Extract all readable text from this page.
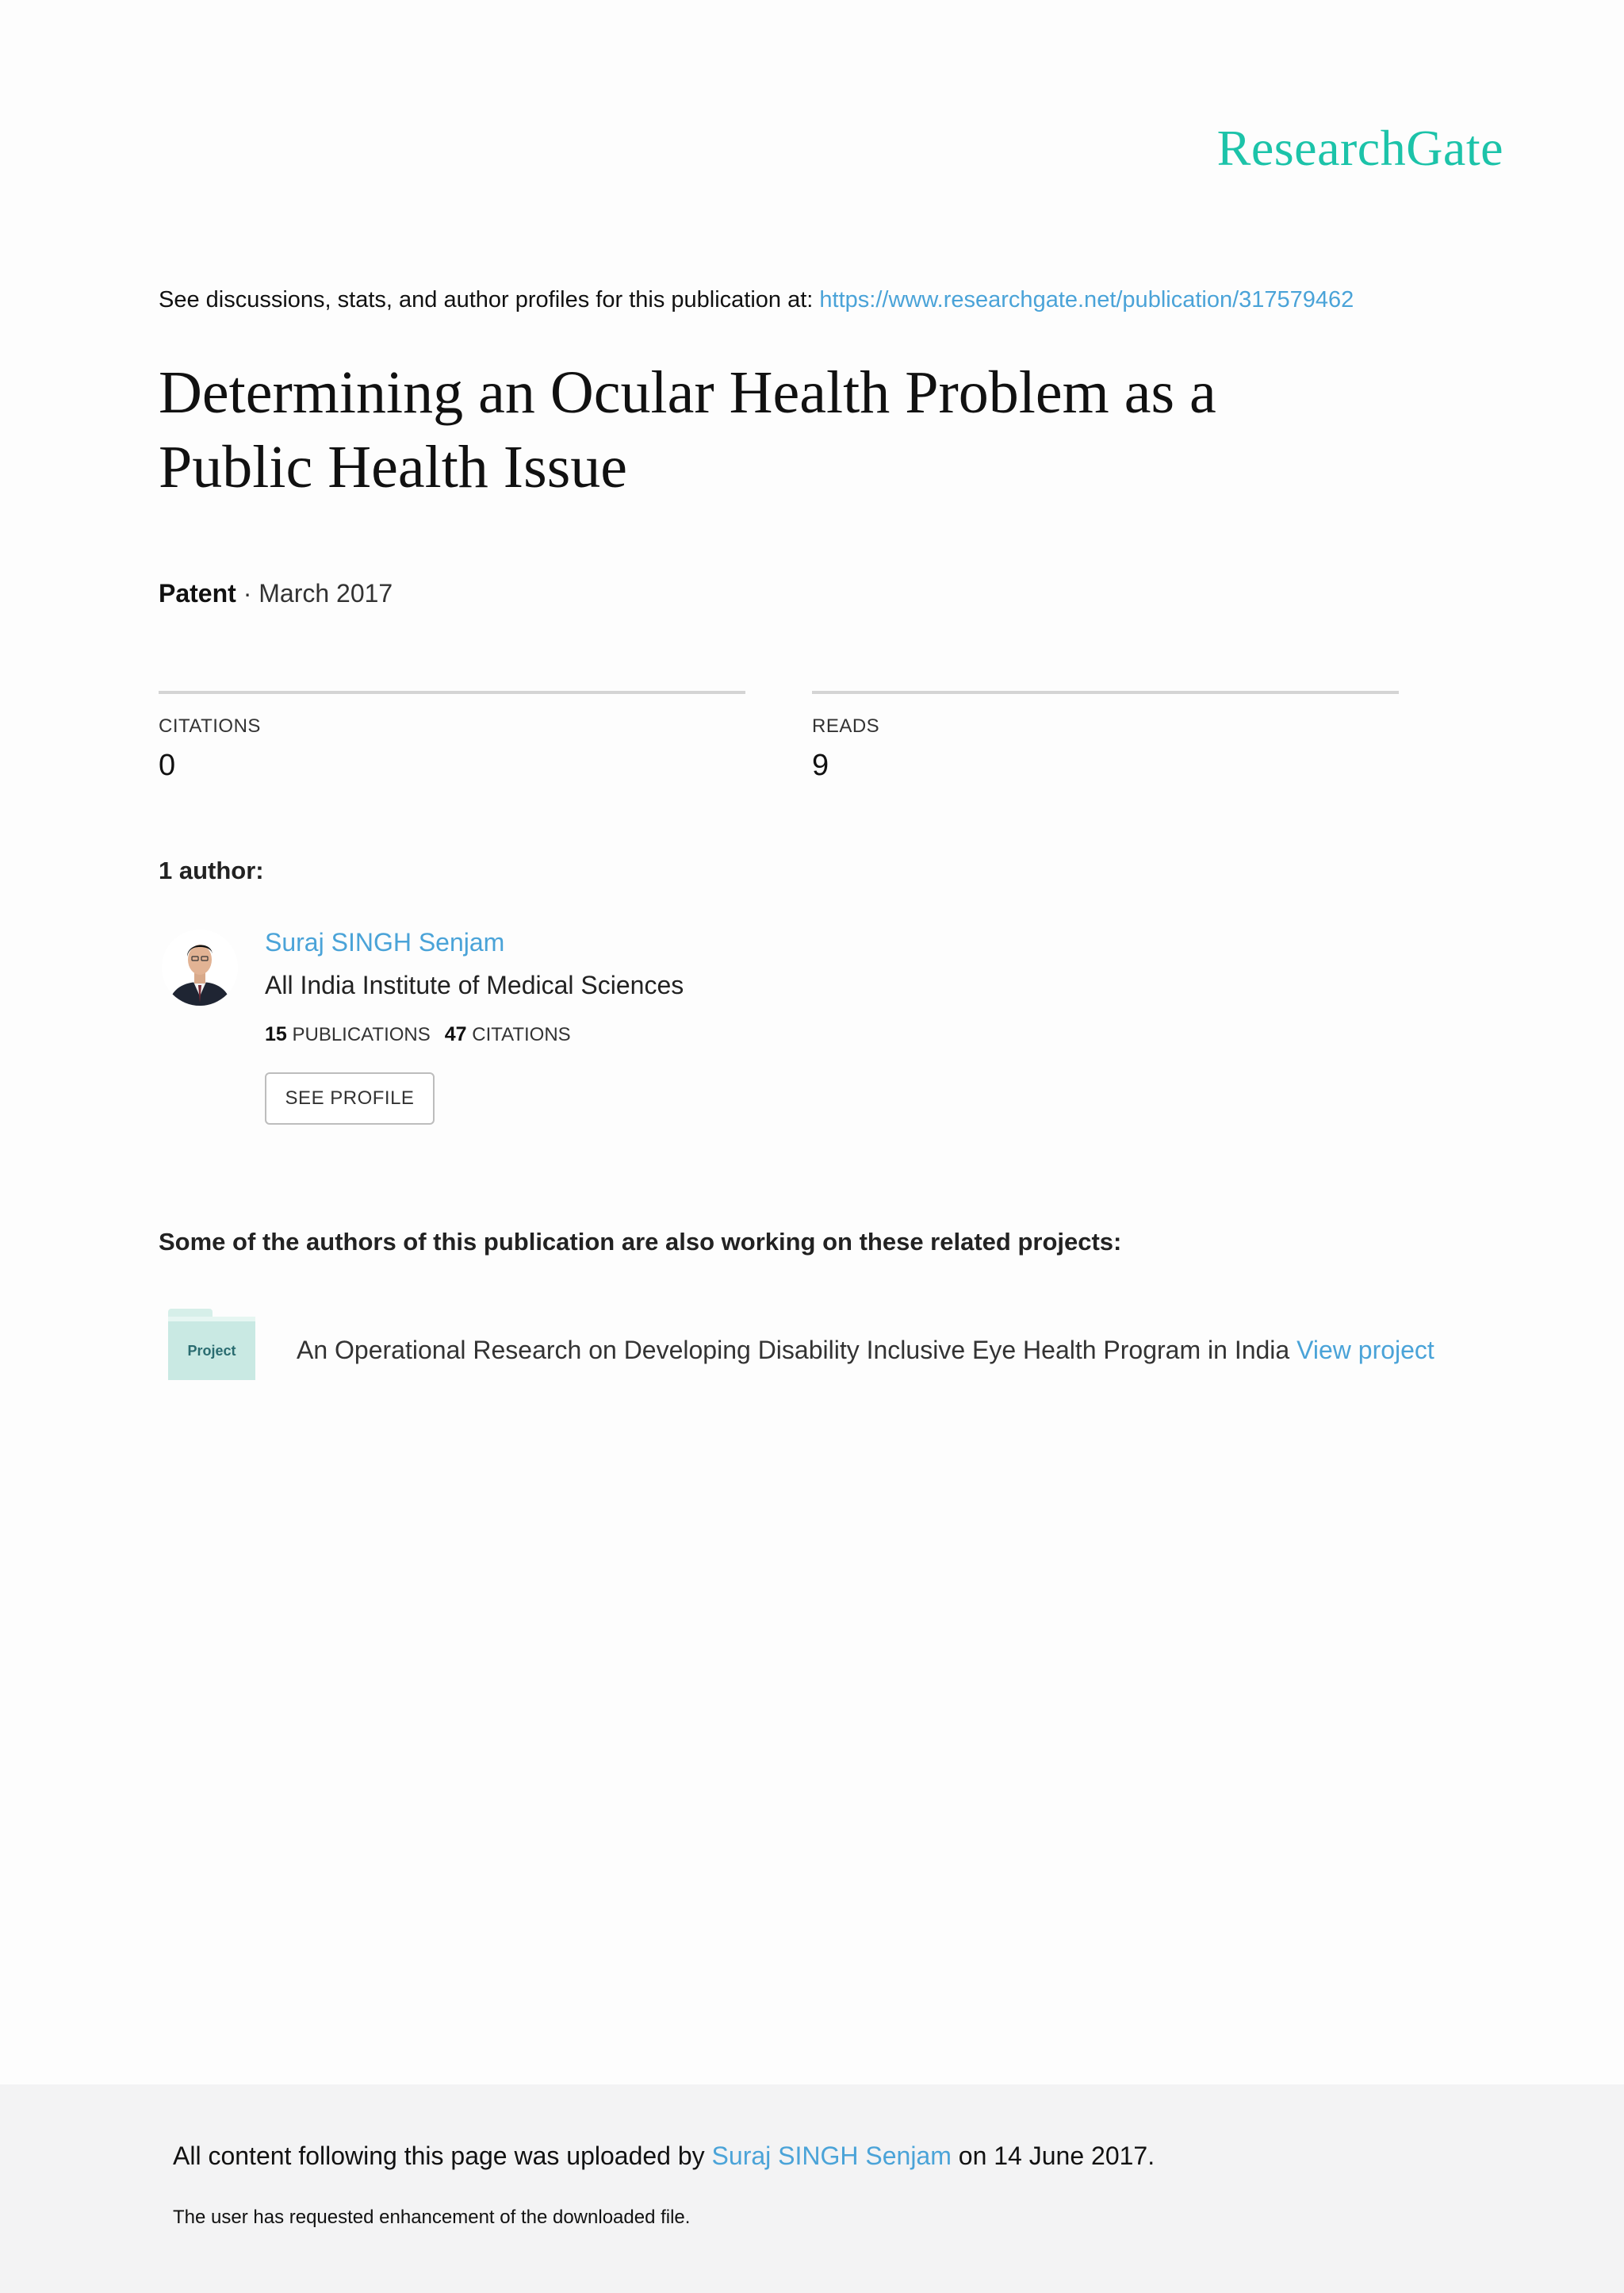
ResearchGate
See discussions, stats, and author profiles for this publication at: https://www.researchgate.net/publication/317579462
Determining an Ocular Health Problem as a
Public Health Issue
Patent · March 2017
CITATIONS
0
READS
9
1 author:
Suraj SINGH Senjam
All India Institute of Medical Sciences
15 PUBLICATIONS 47 CITATIONS
SEE PROFILE
Some of the authors of this publication are also working on these related projects:
Project An Operational Research on Developing Disability Inclusive Eye Health Program in India View project
All content following this page was uploaded by Suraj SINGH Senjam on 14 June 2017.
The user has requested enhancement of the downloaded file.
